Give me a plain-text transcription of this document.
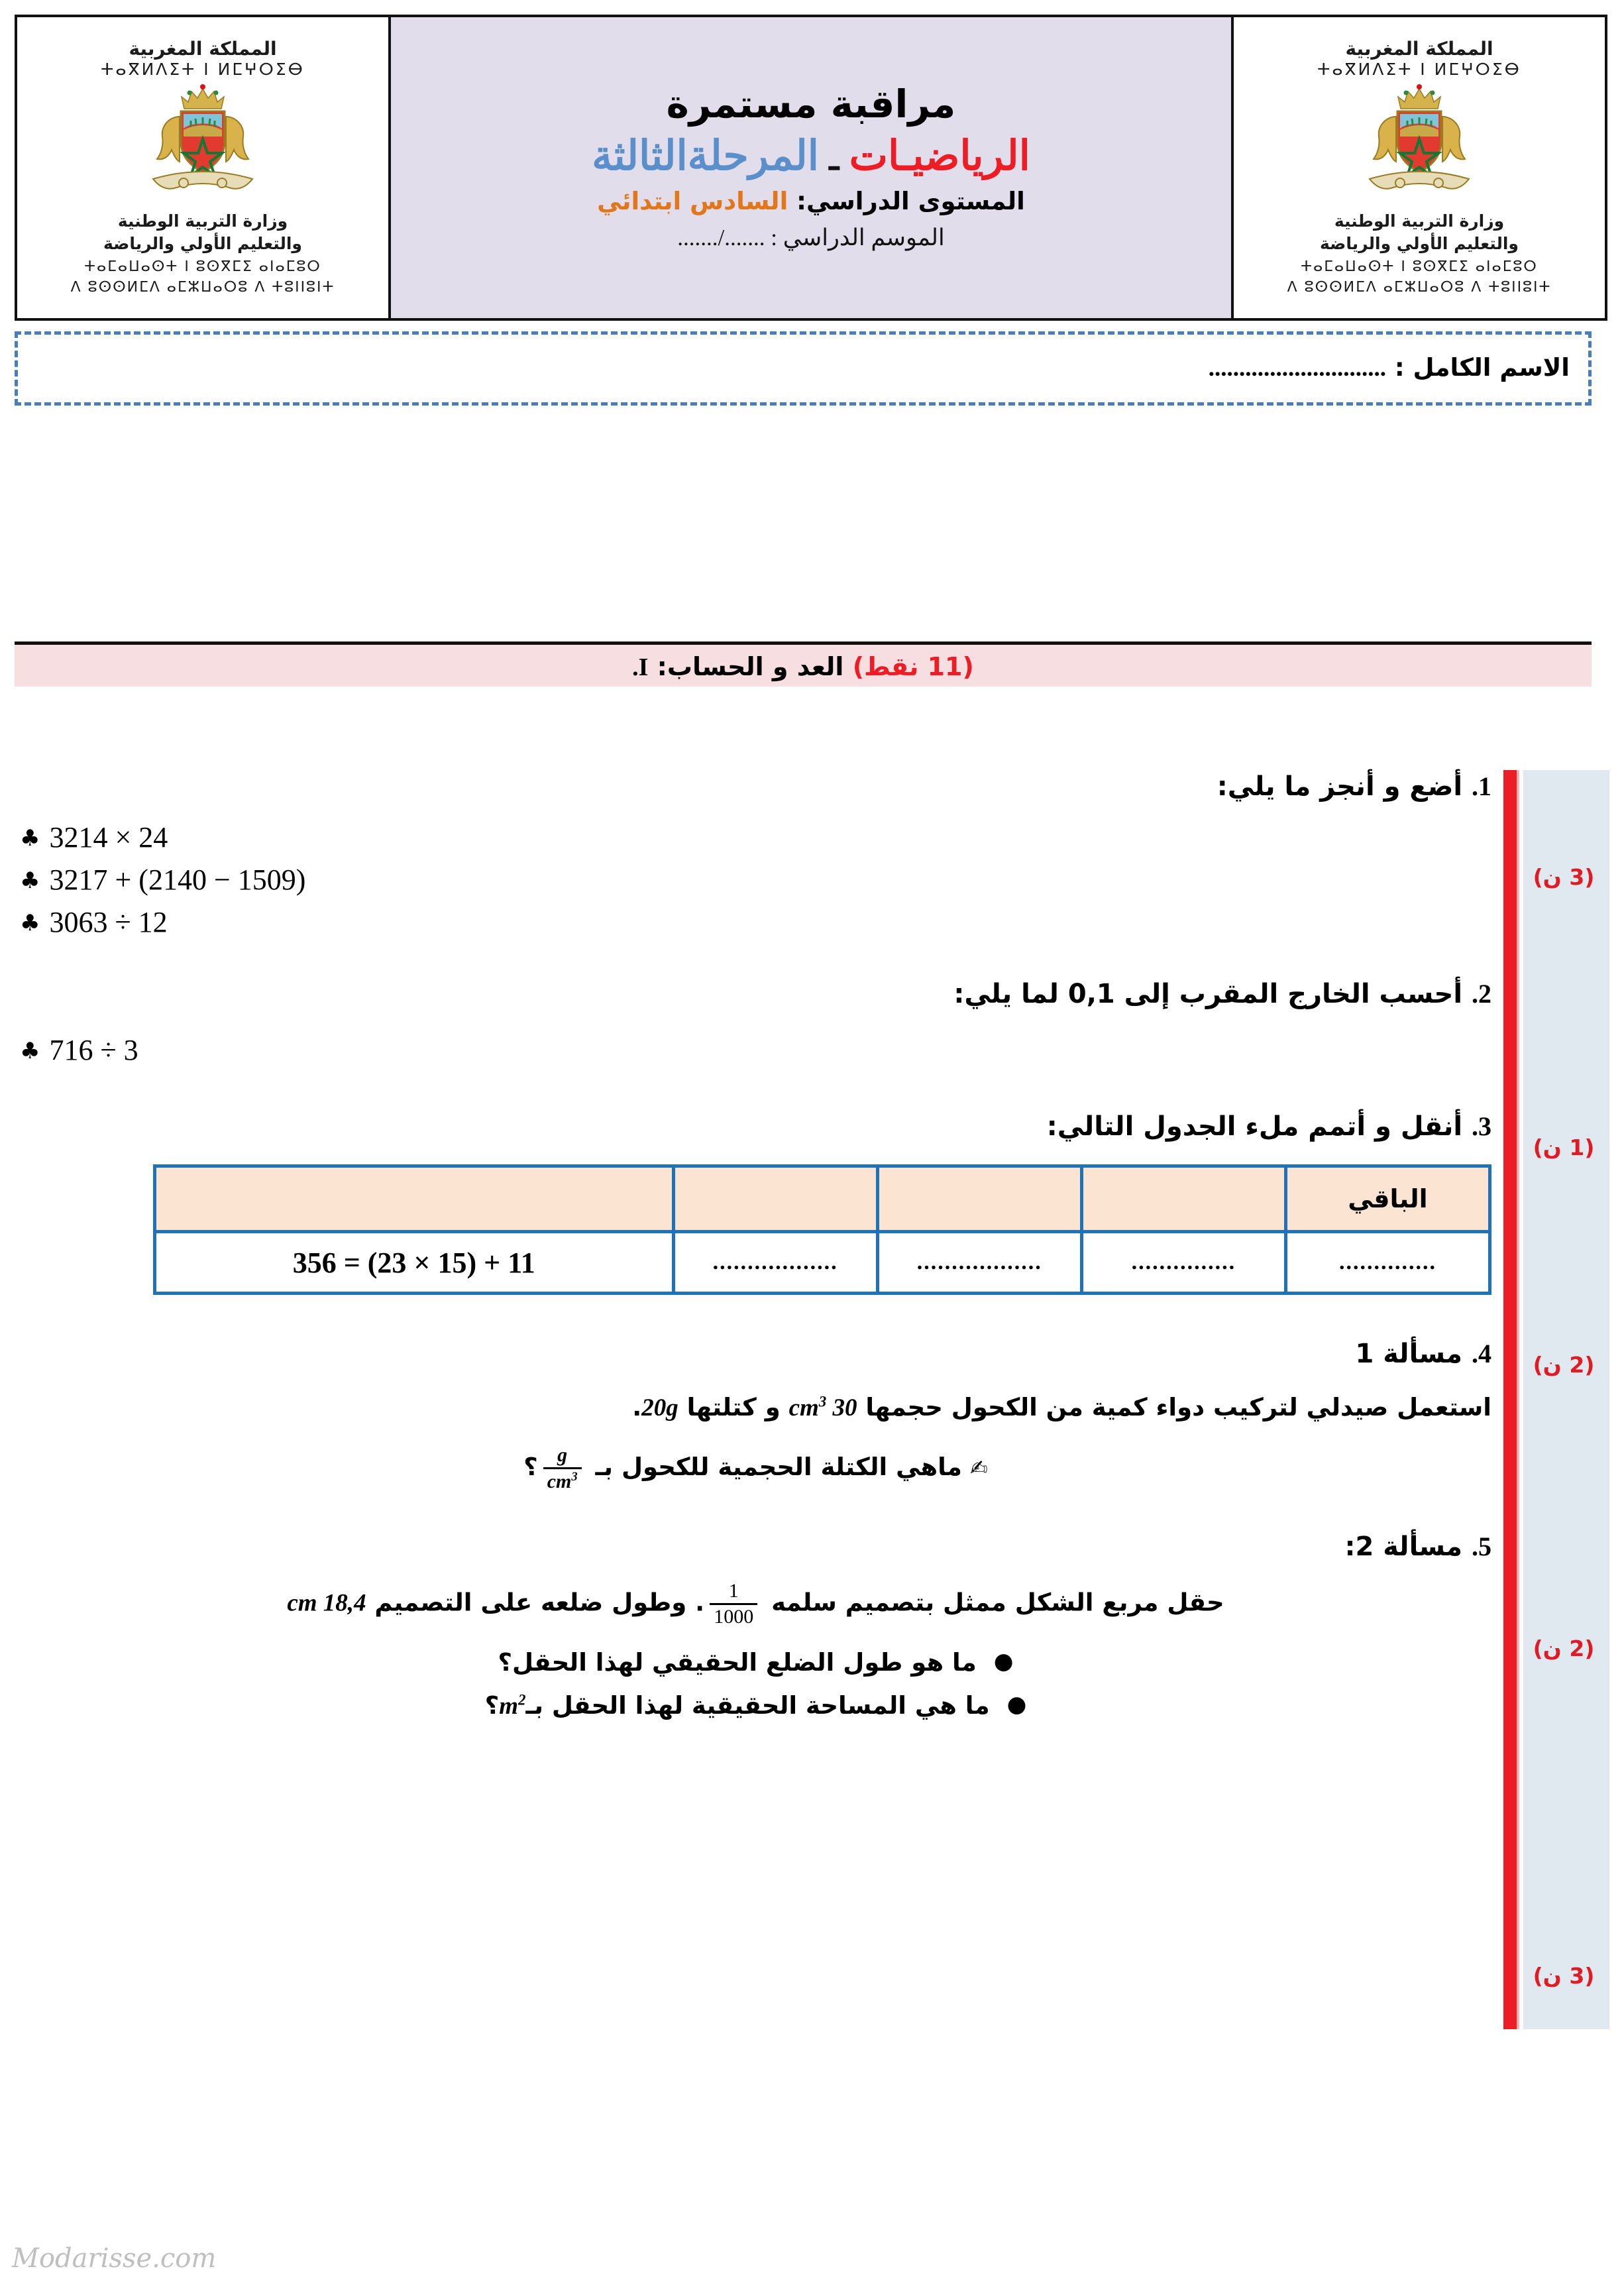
المملكة المغربية
ⵜⴰⴳⵍⴷⵉⵜ ⵏ ⵍⵎⵖⵔⵉⴱ
وزارة التربية الوطنية
والتعليم الأولي والرياضة
ⵜⴰⵎⴰⵡⴰⵙⵜ ⵏ ⵓⵙⴳⵎⵉ ⴰⵏⴰⵎⵓⵔ
ⴷ ⵓⵙⵙⵍⵎⴷ ⴰⵎⵣⵡⴰⵔⵓ ⴷ ⵜⵓⵏⵏⵓⵏⵜ

مراقبة مستمرة
الرياضيـات ـ المرحلةالثالثة
المستوى الدراسي: السادس ابتدائي
الموسم الدراسي : ......./.......

المملكة المغربية
ⵜⴰⴳⵍⴷⵉⵜ ⵏ ⵍⵎⵖⵔⵉⴱ
وزارة التربية الوطنية
والتعليم الأولي والرياضة
ⵜⴰⵎⴰⵡⴰⵙⵜ ⵏ ⵓⵙⴳⵎⵉ ⴰⵏⴰⵎⵓⵔ
ⴷ ⵓⵙⵙⵍⵎⴷ ⴰⵎⵣⵡⴰⵔⵓ ⴷ ⵜⵓⵏⵏⵓⵏⵜ
الاسم الكامل : .............................
(11 نقط) العد و الحساب: I.
(3 ن)
(1 ن)
(2 ن)
(2 ن)
(3 ن)
1. أضع و أنجز ما يلي:
♣ 3214 × 24
♣ 3217 + (2140 − 1509)
♣ 3063 ÷ 12
2. أحسب الخارج المقرب إلى 0,1 لما يلي:
♣ 716 ÷ 3
3. أنقل و أتمم ملء الجدول التالي:
الباقي				
..............	...............	..................	..................	356 = (23 × 15) + 11
4. مسألة 1
استعمل صيدلي لتركيب دواء كمية من الكحول حجمها 30 $cm^3$ و كتلتها 20g.
✍ماهي الكتلة الحجمية للكحول بـ
$\frac{g}{cm^3}$
؟
5. مسألة 2:
حقل مربع الشكل ممثل بتصميم سلمه
$\frac{1}{1000}$
. وطول ضلعه على التصميم 18,4 cm
●ما هو طول الضلع الحقيقي لهذا الحقل؟
●ما هي المساحة الحقيقية لهذا الحقل بـm$^2$؟
Modarisse.com
